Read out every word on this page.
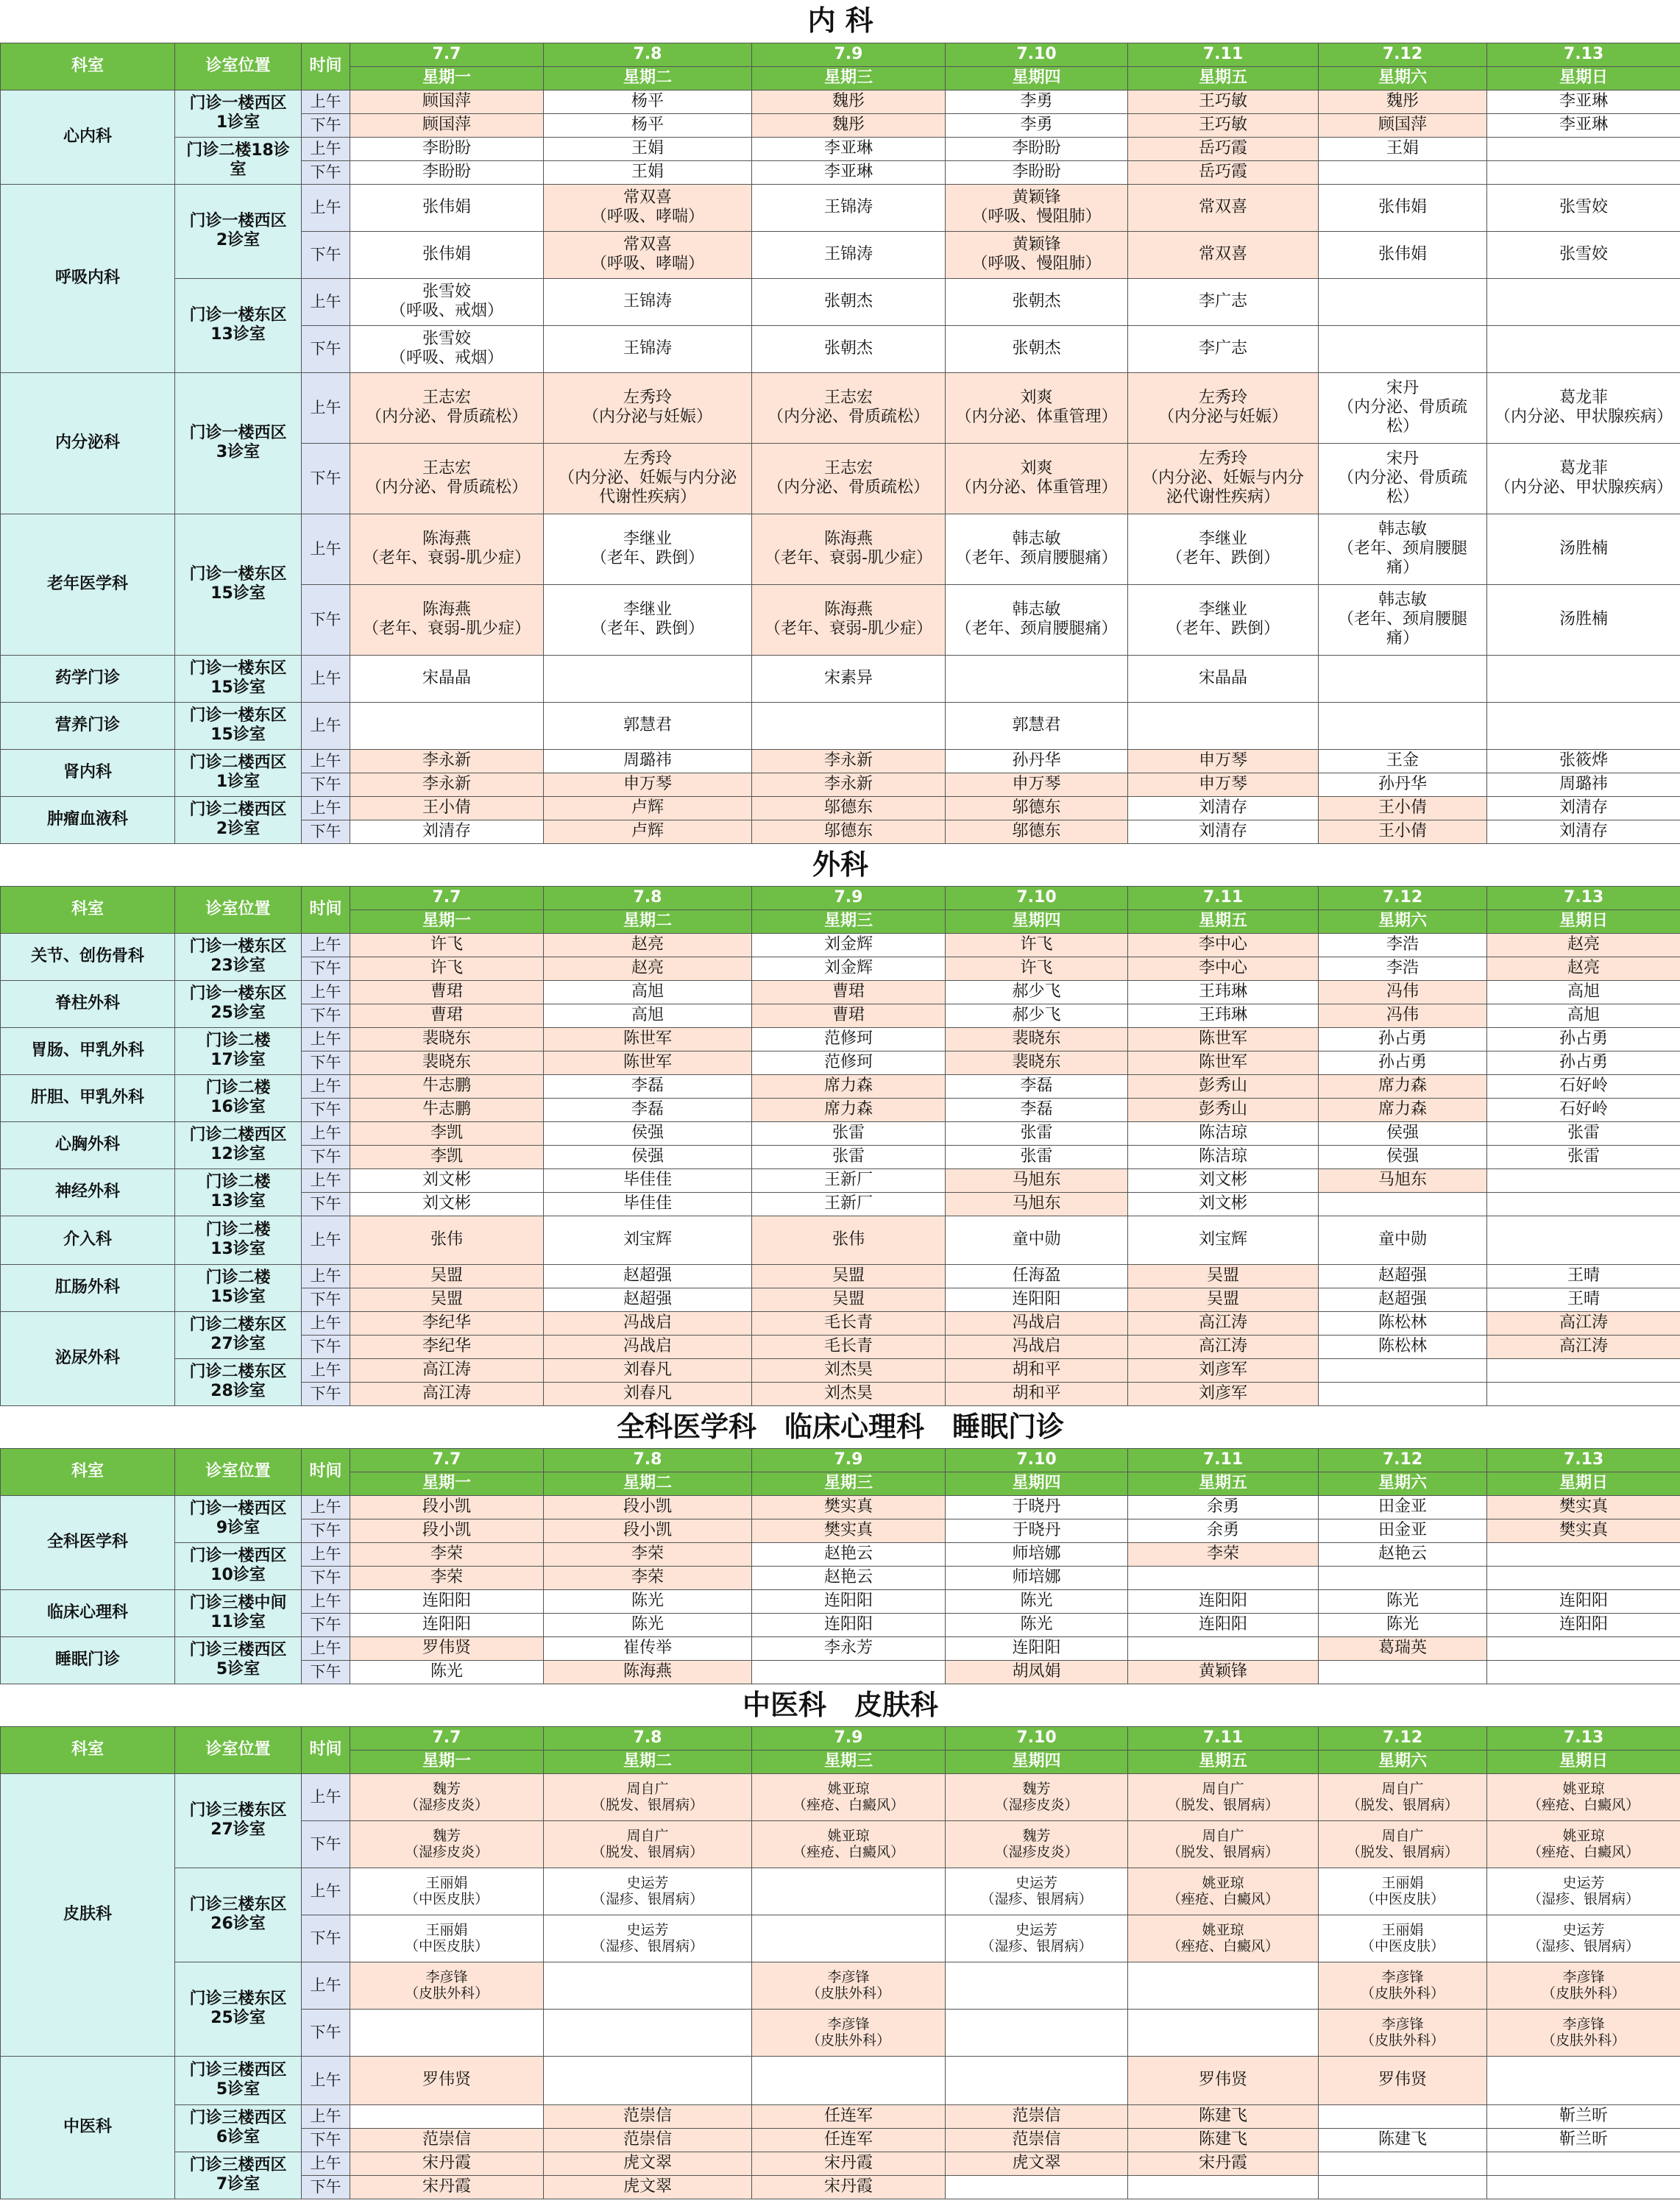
内 科									
科室	诊室位置	时间	7.7	7.8	7.9	7.10	7.11	7.12	7.13
			星期一	星期二	星期三	星期四	星期五	星期六	星期日
心内科	门诊一楼西区
1诊室	上午	顾国萍	杨平	魏彤	李勇	王巧敏	魏彤	李亚琳
		下午	顾国萍	杨平	魏彤	李勇	王巧敏	顾国萍	李亚琳
	门诊二楼18诊
室	上午	李盼盼	王娟	李亚琳	李盼盼	岳巧霞	王娟	
		下午	李盼盼	王娟	李亚琳	李盼盼	岳巧霞		
呼吸内科	门诊一楼西区
2诊室	上午	张伟娟	常双喜
（呼吸、哮喘）	王锦涛	黄颖锋
（呼吸、慢阻肺）	常双喜	张伟娟	张雪姣
		下午	张伟娟	常双喜
（呼吸、哮喘）	王锦涛	黄颖锋
（呼吸、慢阻肺）	常双喜	张伟娟	张雪姣
	门诊一楼东区
13诊室	上午	张雪姣
（呼吸、戒烟）	王锦涛	张朝杰	张朝杰	李广志		
		下午	张雪姣
（呼吸、戒烟）	王锦涛	张朝杰	张朝杰	李广志		
内分泌科	门诊一楼西区
3诊室	上午	王志宏
（内分泌、骨质疏松）	左秀玲
（内分泌与妊娠）	王志宏
（内分泌、骨质疏松）	刘爽
（内分泌、体重管理）	左秀玲
（内分泌与妊娠）	宋丹
（内分泌、骨质疏
松）	葛龙菲
（内分泌、甲状腺疾病）
		下午	王志宏
（内分泌、骨质疏松）	左秀玲
（内分泌、妊娠与内分泌
代谢性疾病）	王志宏
（内分泌、骨质疏松）	刘爽
（内分泌、体重管理）	左秀玲
（内分泌、妊娠与内分
泌代谢性疾病）	宋丹
（内分泌、骨质疏
松）	葛龙菲
（内分泌、甲状腺疾病）
老年医学科	门诊一楼东区
15诊室	上午	陈海燕
（老年、衰弱-肌少症）	李继业
（老年、跌倒）	陈海燕
（老年、衰弱-肌少症）	韩志敏
（老年、颈肩腰腿痛）	李继业
（老年、跌倒）	韩志敏
（老年、颈肩腰腿
痛）	汤胜楠
		下午	陈海燕
（老年、衰弱-肌少症）	李继业
（老年、跌倒）	陈海燕
（老年、衰弱-肌少症）	韩志敏
（老年、颈肩腰腿痛）	李继业
（老年、跌倒）	韩志敏
（老年、颈肩腰腿
痛）	汤胜楠
药学门诊	门诊一楼东区
15诊室	上午	宋晶晶		宋素异		宋晶晶		
营养门诊	门诊一楼东区
15诊室	上午		郭慧君		郭慧君			
肾内科	门诊二楼西区
1诊室	上午	李永新	周璐祎	李永新	孙丹华	申万琴	王金	张筱烨
		下午	李永新	申万琴	李永新	申万琴	申万琴	孙丹华	周璐祎
肿瘤血液科	门诊二楼西区
2诊室	上午	王小倩	卢辉	邬德东	邬德东	刘清存	王小倩	刘清存
		下午	刘清存	卢辉	邬德东	邬德东	刘清存	王小倩	刘清存
外科									
科室	诊室位置	时间	7.7	7.8	7.9	7.10	7.11	7.12	7.13
			星期一	星期二	星期三	星期四	星期五	星期六	星期日
关节、创伤骨科	门诊一楼东区
23诊室	上午	许飞	赵亮	刘金辉	许飞	李中心	李浩	赵亮
		下午	许飞	赵亮	刘金辉	许飞	李中心	李浩	赵亮
脊柱外科	门诊一楼东区
25诊室	上午	曹珺	高旭	曹珺	郝少飞	王玮琳	冯伟	高旭
		下午	曹珺	高旭	曹珺	郝少飞	王玮琳	冯伟	高旭
胃肠、甲乳外科	门诊二楼
17诊室	上午	裴晓东	陈世军	范修珂	裴晓东	陈世军	孙占勇	孙占勇
		下午	裴晓东	陈世军	范修珂	裴晓东	陈世军	孙占勇	孙占勇
肝胆、甲乳外科	门诊二楼
16诊室	上午	牛志鹏	李磊	席力森	李磊	彭秀山	席力森	石好岭
		下午	牛志鹏	李磊	席力森	李磊	彭秀山	席力森	石好岭
心胸外科	门诊二楼西区
12诊室	上午	李凯	侯强	张雷	张雷	陈洁琼	侯强	张雷
		下午	李凯	侯强	张雷	张雷	陈洁琼	侯强	张雷
神经外科	门诊二楼
13诊室	上午	刘文彬	毕佳佳	王新厂	马旭东	刘文彬	马旭东	
		下午	刘文彬	毕佳佳	王新厂	马旭东	刘文彬		
介入科	门诊二楼
13诊室	上午	张伟	刘宝辉	张伟	童中勋	刘宝辉	童中勋	
肛肠外科	门诊二楼
15诊室	上午	吴盟	赵超强	吴盟	任海盈	吴盟	赵超强	王晴
		下午	吴盟	赵超强	吴盟	连阳阳	吴盟	赵超强	王晴
泌尿外科	门诊二楼东区
27诊室	上午	李纪华	冯战启	毛长青	冯战启	高江涛	陈松林	高江涛
		下午	李纪华	冯战启	毛长青	冯战启	高江涛	陈松林	高江涛
	门诊二楼东区
28诊室	上午	高江涛	刘春凡	刘杰昊	胡和平	刘彦军		
		下午	高江涛	刘春凡	刘杰昊	胡和平	刘彦军		
全科医学科　临床心理科　睡眠门诊									
科室	诊室位置	时间	7.7	7.8	7.9	7.10	7.11	7.12	7.13
			星期一	星期二	星期三	星期四	星期五	星期六	星期日
全科医学科	门诊一楼西区
9诊室	上午	段小凯	段小凯	樊实真	于晓丹	余勇	田金亚	樊实真
		下午	段小凯	段小凯	樊实真	于晓丹	余勇	田金亚	樊实真
	门诊一楼西区
10诊室	上午	李荣	李荣	赵艳云	师培娜	李荣	赵艳云	
		下午	李荣	李荣	赵艳云	师培娜			
临床心理科	门诊三楼中间
11诊室	上午	连阳阳	陈光	连阳阳	陈光	连阳阳	陈光	连阳阳
		下午	连阳阳	陈光	连阳阳	陈光	连阳阳	陈光	连阳阳
睡眠门诊	门诊三楼西区
5诊室	上午	罗伟贤	崔传举	李永芳	连阳阳		葛瑞英	
		下午	陈光	陈海燕		胡凤娟	黄颖锋		
中医科　皮肤科									
科室	诊室位置	时间	7.7	7.8	7.9	7.10	7.11	7.12	7.13
			星期一	星期二	星期三	星期四	星期五	星期六	星期日
皮肤科	门诊三楼东区
27诊室	上午	魏芳
（湿疹皮炎）	周自广
（脱发、银屑病）	姚亚琼
（痤疮、白癜风）	魏芳
（湿疹皮炎）	周自广
（脱发、银屑病）	周自广
（脱发、银屑病）	姚亚琼
（痤疮、白癜风）
		下午	魏芳
（湿疹皮炎）	周自广
（脱发、银屑病）	姚亚琼
（痤疮、白癜风）	魏芳
（湿疹皮炎）	周自广
（脱发、银屑病）	周自广
（脱发、银屑病）	姚亚琼
（痤疮、白癜风）
	门诊三楼东区
26诊室	上午	王丽娟
（中医皮肤）	史运芳
（湿疹、银屑病）		史运芳
（湿疹、银屑病）	姚亚琼
（痤疮、白癜风）	王丽娟
（中医皮肤）	史运芳
（湿疹、银屑病）
		下午	王丽娟
（中医皮肤）	史运芳
（湿疹、银屑病）		史运芳
（湿疹、银屑病）	姚亚琼
（痤疮、白癜风）	王丽娟
（中医皮肤）	史运芳
（湿疹、银屑病）
	门诊三楼东区
25诊室	上午	李彦锋
（皮肤外科）		李彦锋
（皮肤外科）			李彦锋
（皮肤外科）	李彦锋
（皮肤外科）
		下午			李彦锋
（皮肤外科）			李彦锋
（皮肤外科）	李彦锋
（皮肤外科）
中医科	门诊三楼西区
5诊室	上午	罗伟贤				罗伟贤	罗伟贤	
	门诊三楼西区
6诊室	上午		范崇信	任连军	范崇信	陈建飞		靳兰昕
		下午	范崇信	范崇信	任连军	范崇信	陈建飞	陈建飞	靳兰昕
	门诊三楼西区
7诊室	上午	宋丹霞	虎文翠	宋丹霞	虎文翠	宋丹霞		
		下午	宋丹霞	虎文翠	宋丹霞				
